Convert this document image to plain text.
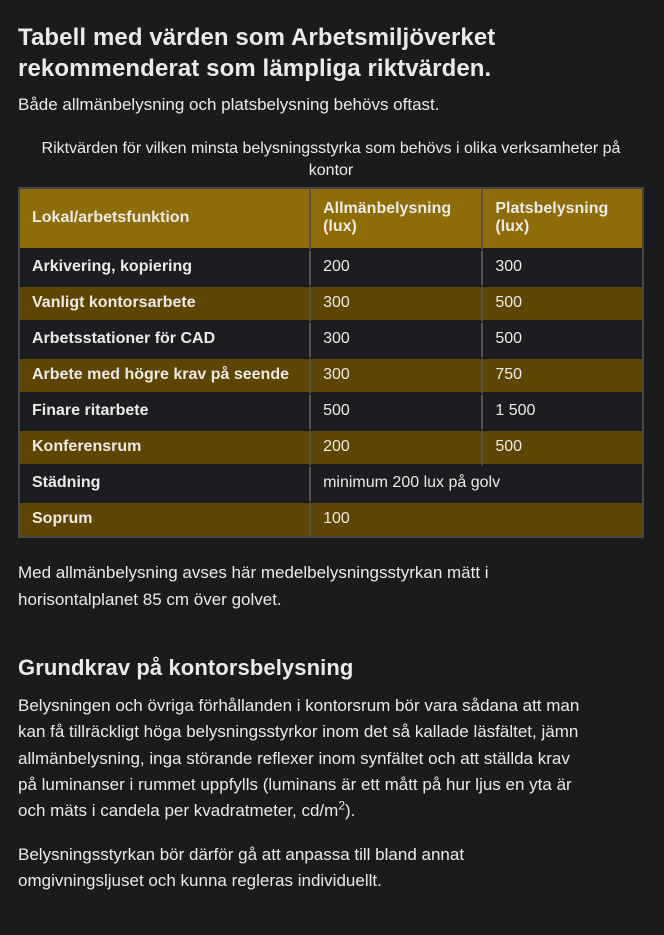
Tabell med värden som Arbetsmiljöverket rekommenderat som lämpliga riktvärden.

Både allmänbelysning och platsbelysning behövs oftast.

Riktvärden för vilken minsta belysningsstyrka som behövs i olika verksamheter på kontor
Lokal/arbetsfunktion	Allmänbelysning (lux)	Platsbelysning (lux)
Arkivering, kopiering	200	300
Vanligt kontorsarbete	300	500
Arbetsstationer för CAD	300	500
Arbete med högre krav på seende	300	750
Finare ritarbete	500	1 500
Konferensrum	200	500
Städning	minimum 200 lux på golv	
Soprum	100	

Med allmänbelysning avses här medelbelysningsstyrkan mätt i horisontalplanet 85 cm över golvet.

Grundkrav på kontorsbelysning

Belysningen och övriga förhållanden i kontorsrum bör vara sådana att man kan få tillräckligt höga belysningsstyrkor inom det så kallade läsfältet, jämn allmänbelysning, inga störande reflexer inom synfältet och att ställda krav på luminanser i rummet uppfylls (luminans är ett mått på hur ljus en yta är och mäts i candela per kvadratmeter, $cd/m^2$).

Belysningsstyrkan bör därför gå att anpassa till bland annat omgivningsljuset och kunna regleras individuellt.
